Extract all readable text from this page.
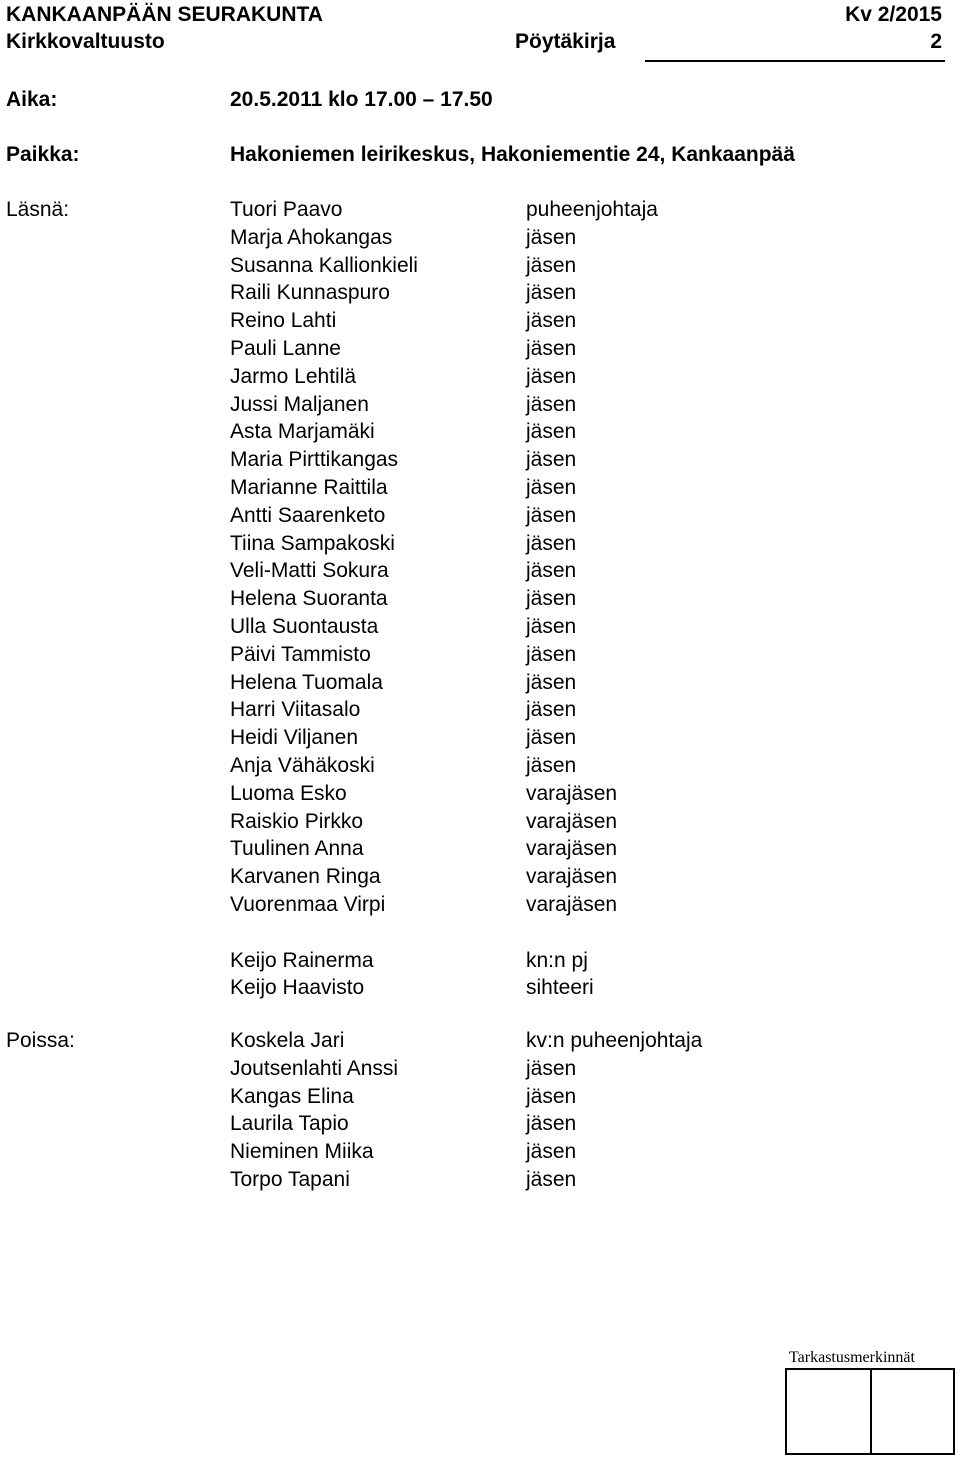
KANKAANPÄÄN SEURAKUNTA	Kv 2/2015
Kirkkovaltuusto	Pöytäkirja	2
Aika:	20.5.2011 klo 17.00 – 17.50
Paikka:	Hakoniemen leirikeskus, Hakoniementie 24, Kankaanpää
Läsnä:	Tuori Paavo	puheenjohtaja
Marja Ahokangas	jäsen
Susanna Kallionkieli	jäsen
Raili Kunnaspuro	jäsen
Reino Lahti	jäsen
Pauli Lanne	jäsen
Jarmo Lehtilä	jäsen
Jussi Maljanen	jäsen
Asta Marjamäki	jäsen
Maria Pirttikangas	jäsen
Marianne Raittila	jäsen
Antti Saarenketo	jäsen
Tiina Sampakoski	jäsen
Veli-Matti Sokura	jäsen
Helena Suoranta	jäsen
Ulla Suontausta	jäsen
Päivi Tammisto	jäsen
Helena Tuomala	jäsen
Harri Viitasalo	jäsen
Heidi Viljanen	jäsen
Anja Vähäkoski	jäsen
Luoma Esko	varajäsen
Raiskio Pirkko	varajäsen
Tuulinen Anna	varajäsen
Karvanen Ringa	varajäsen
Vuorenmaa Virpi	varajäsen
Keijo Rainerma	kn:n pj
Keijo Haavisto	sihteeri
Poissa:	Koskela Jari	kv:n puheenjohtaja
Joutsenlahti Anssi	jäsen
Kangas Elina	jäsen
Laurila Tapio	jäsen
Nieminen Miika	jäsen
Torpo Tapani	jäsen
Tarkastusmerkinnät
